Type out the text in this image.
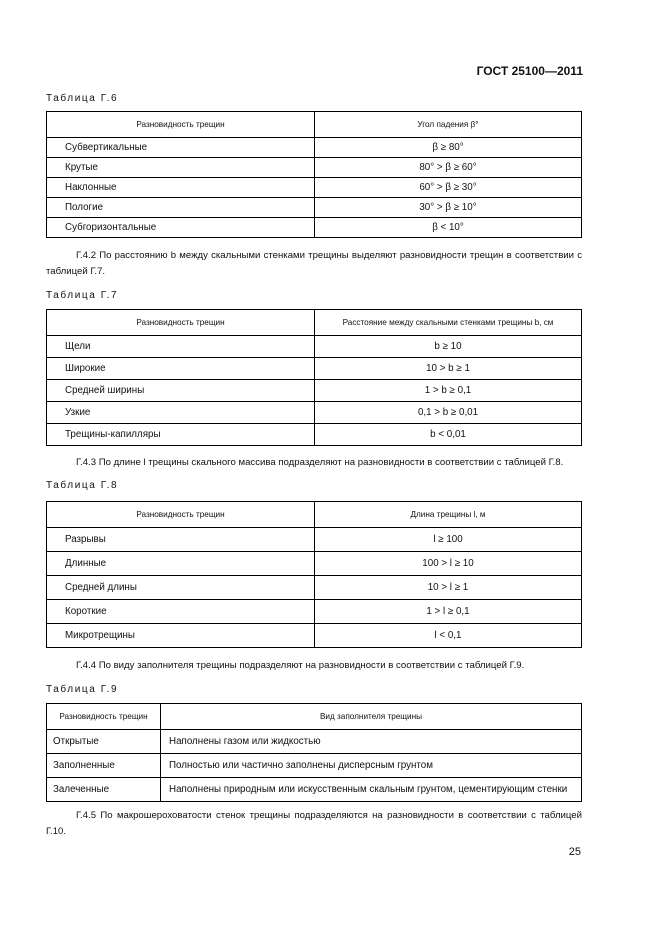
ГОСТ 25100—2011
Таблица Г.6
Разновидность трещин	Угол падения β°
Субвертикальные	β ≥ 80°
Крутые	80° > β ≥ 60°
Наклонные	60° > β ≥ 30°
Пологие	30° > β ≥ 10°
Субгоризонтальные	β < 10°
Г.4.2 По расстоянию b между скальными стенками трещины выделяют разновидности трещин в соответствии с таблицей Г.7.
Таблица Г.7
Разновидность трещин	Расстояние между скальными стенками трещины b, см
Щели	b ≥ 10
Широкие	10 > b ≥ 1
Средней ширины	1 > b ≥ 0,1
Узкие	0,1 > b ≥ 0,01
Трещины-капилляры	b < 0,01
Г.4.3 По длине l трещины скального массива подразделяют на разновидности в соответствии с таблицей Г.8.
Таблица Г.8
Разновидность трещин	Длина трещины l, м
Разрывы	l ≥ 100
Длинные	100 > l ≥ 10
Средней длины	10 > l ≥ 1
Короткие	1 > l ≥ 0,1
Микротрещины	l < 0,1
Г.4.4 По виду заполнителя трещины подразделяют на разновидности в соответствии с таблицей Г.9.
Таблица Г.9
Разновидность трещин	Вид заполнителя трещины
Открытые	Наполнены газом или жидкостью
Заполненные	Полностью или частично заполнены дисперсным грунтом
Залеченные	Наполнены природным или искусственным скальным грунтом, цементирующим стенки
Г.4.5 По макрошероховатости стенок трещины подразделяются на разновидности в соответствии с таблицей Г.10.
25
